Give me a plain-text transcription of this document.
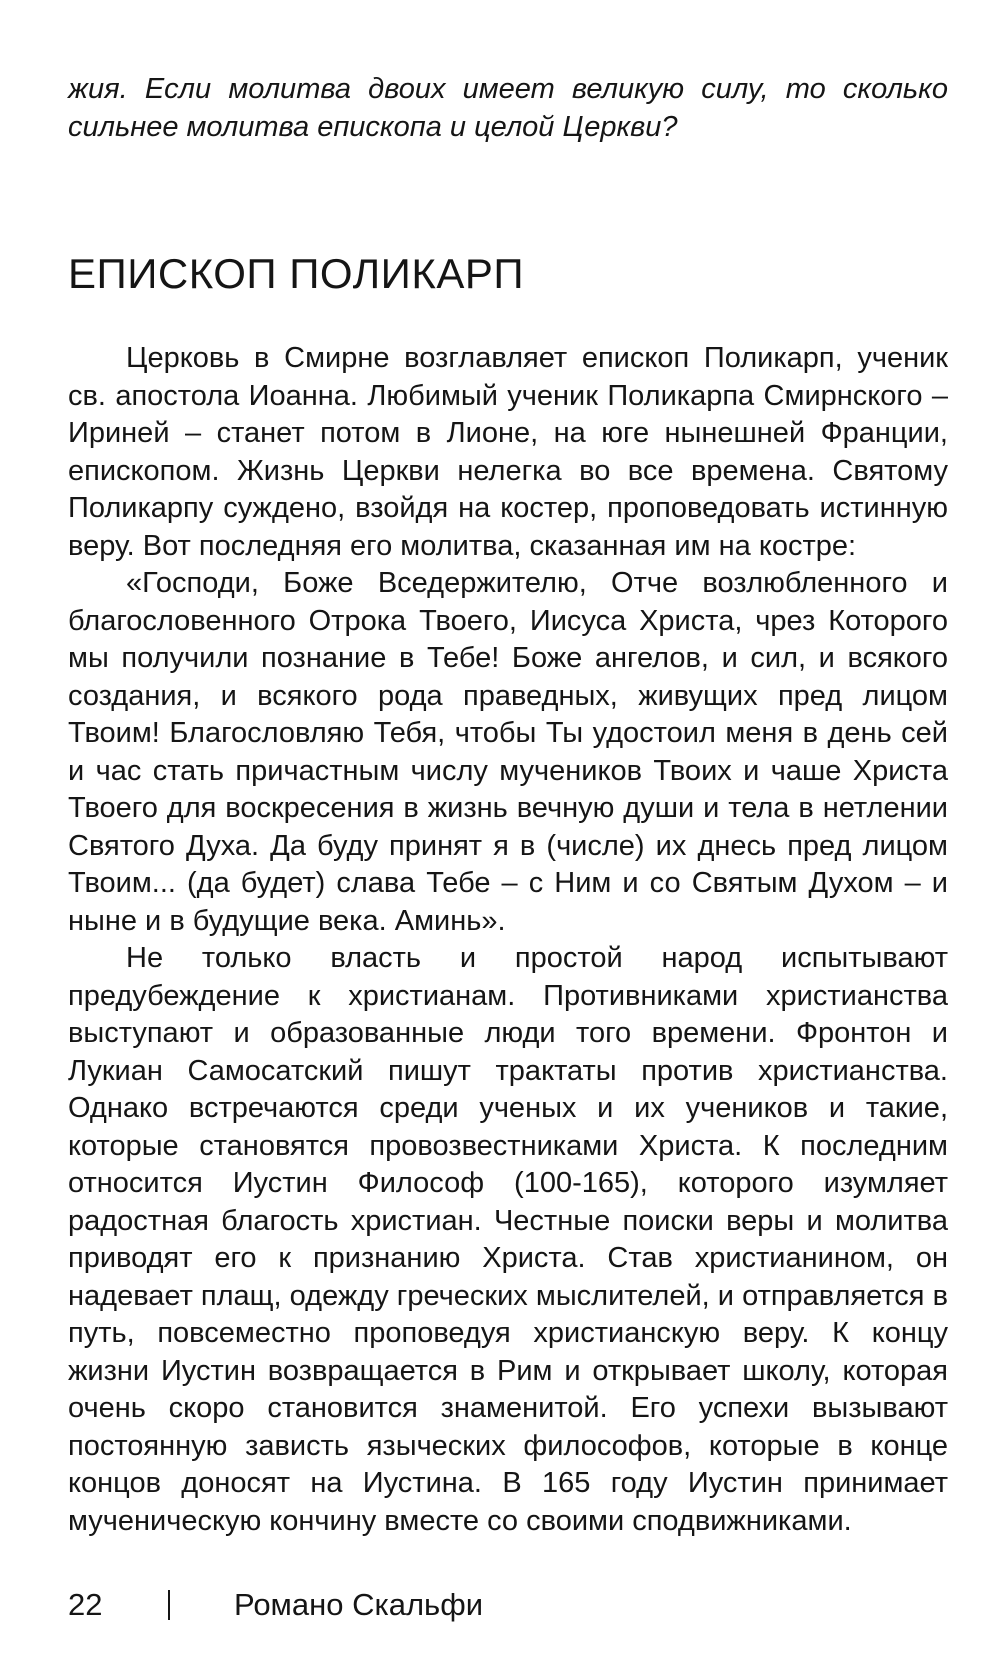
жия. Если молитва двоих имеет великую силу, то сколько сильнее молитва епископа и целой Церкви?

ЕПИСКОП ПОЛИКАРП

Церковь в Смирне возглавляет епископ Поликарп, ученик св. апостола Иоанна. Любимый ученик Поликарпа Смирнского – Ириней – станет потом в Лионе, на юге нынешней Франции, епископом. Жизнь Церкви нелегка во все времена. Святому Поликарпу суждено, взойдя на костер, проповедовать истинную веру. Вот последняя его молитва, сказанная им на костре:

«Господи, Боже Вседержителю, Отче возлюбленного и благословенного Отрока Твоего, Иисуса Христа, чрез Которого мы получили познание в Тебе! Боже ангелов, и сил, и всякого создания, и всякого рода праведных, живущих пред лицом Твоим! Благословляю Тебя, чтобы Ты удостоил меня в день сей и час стать причастным числу мучеников Твоих и чаше Христа Твоего для воскресения в жизнь вечную души и тела в нетлении Святого Духа. Да буду принят я в (числе) их днесь пред лицом Твоим... (да будет) слава Тебе – с Ним и со Святым Духом – и ныне и в будущие века. Аминь».

Не только власть и простой народ испытывают предубеждение к христианам. Противниками христианства выступают и образованные люди того времени. Фронтон и Лукиан Самосатский пишут трактаты против христианства. Однако встречаются среди ученых и их учеников и такие, которые становятся провозвестниками Христа. К последним относится Иустин Философ (100-165), которого изумляет радостная благость христиан. Честные поиски веры и молитва приводят его к признанию Христа. Став христианином, он надевает плащ, одежду греческих мыслителей, и отправляется в путь, повсеместно проповедуя христианскую веру. К концу жизни Иустин возвращается в Рим и открывает школу, которая очень скоро становится знаменитой. Его успехи вызывают постоянную зависть языческих философов, которые в конце концов доносят на Иустина. В 165 году Иустин принимает мученическую кончину вместе со своими сподвижниками.

22	Романо Скальфи
